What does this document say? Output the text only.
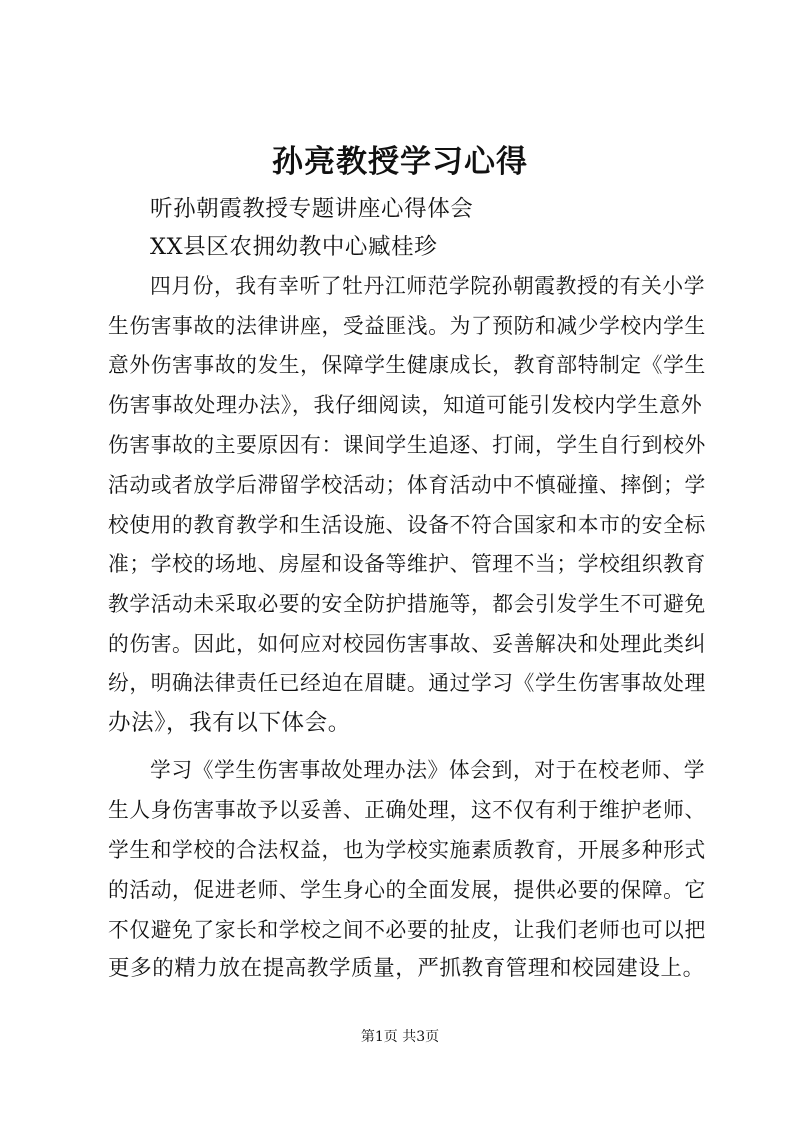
孙亮教授学习心得
听孙朝霞教授专题讲座心得体会
XX县区农拥幼教中心臧桂珍
四月份，我有幸听了牡丹江师范学院孙朝霞教授的有关小学
生伤害事故的法律讲座，受益匪浅。为了预防和减少学校内学生
意外伤害事故的发生，保障学生健康成长，教育部特制定《学生
伤害事故处理办法》，我仔细阅读，知道可能引发校内学生意外
伤害事故的主要原因有：课间学生追逐、打闹，学生自行到校外
活动或者放学后滞留学校活动；体育活动中不慎碰撞、摔倒；学
校使用的教育教学和生活设施、设备不符合国家和本市的安全标
准；学校的场地、房屋和设备等维护、管理不当；学校组织教育
教学活动未采取必要的安全防护措施等，都会引发学生不可避免
的伤害。因此，如何应对校园伤害事故、妥善解决和处理此类纠
纷，明确法律责任已经迫在眉睫。通过学习《学生伤害事故处理
办法》，我有以下体会。
学习《学生伤害事故处理办法》体会到，对于在校老师、学
生人身伤害事故予以妥善、正确处理，这不仅有利于维护老师、
学生和学校的合法权益，也为学校实施素质教育，开展多种形式
的活动，促进老师、学生身心的全面发展，提供必要的保障。它
不仅避免了家长和学校之间不必要的扯皮，让我们老师也可以把
更多的精力放在提高教学质量，严抓教育管理和校园建设上。
第1页 共3页
